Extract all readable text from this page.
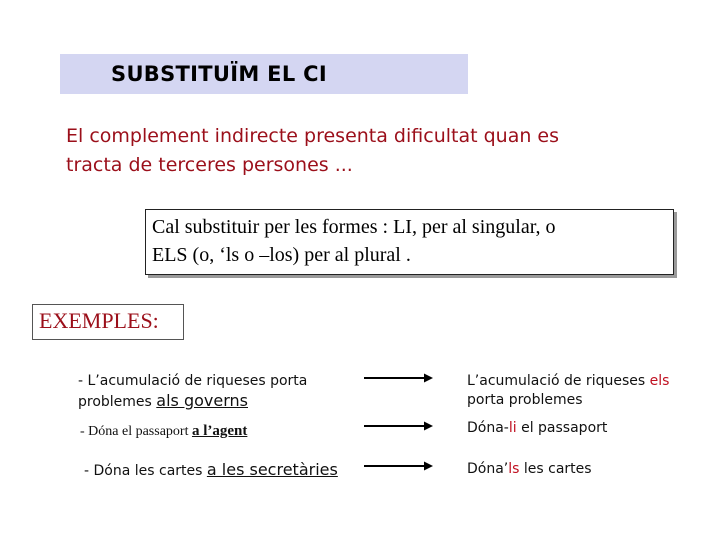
SUBSTITUÏM EL CI
El complement indirecte presenta dificultat quan es
tracta de terceres persones ...
Cal substituir per les formes : LI, per al singular, o
ELS (o, ‘ls o –los) per al plural .
EXEMPLES:
- L’acumulació de riqueses porta
problemes als governs
L’acumulació de riqueses els
porta problemes
- Dóna el passaport a l’agent	Dóna-li el passaport
- Dóna les cartes a les secretàries	Dóna’ls les cartes
